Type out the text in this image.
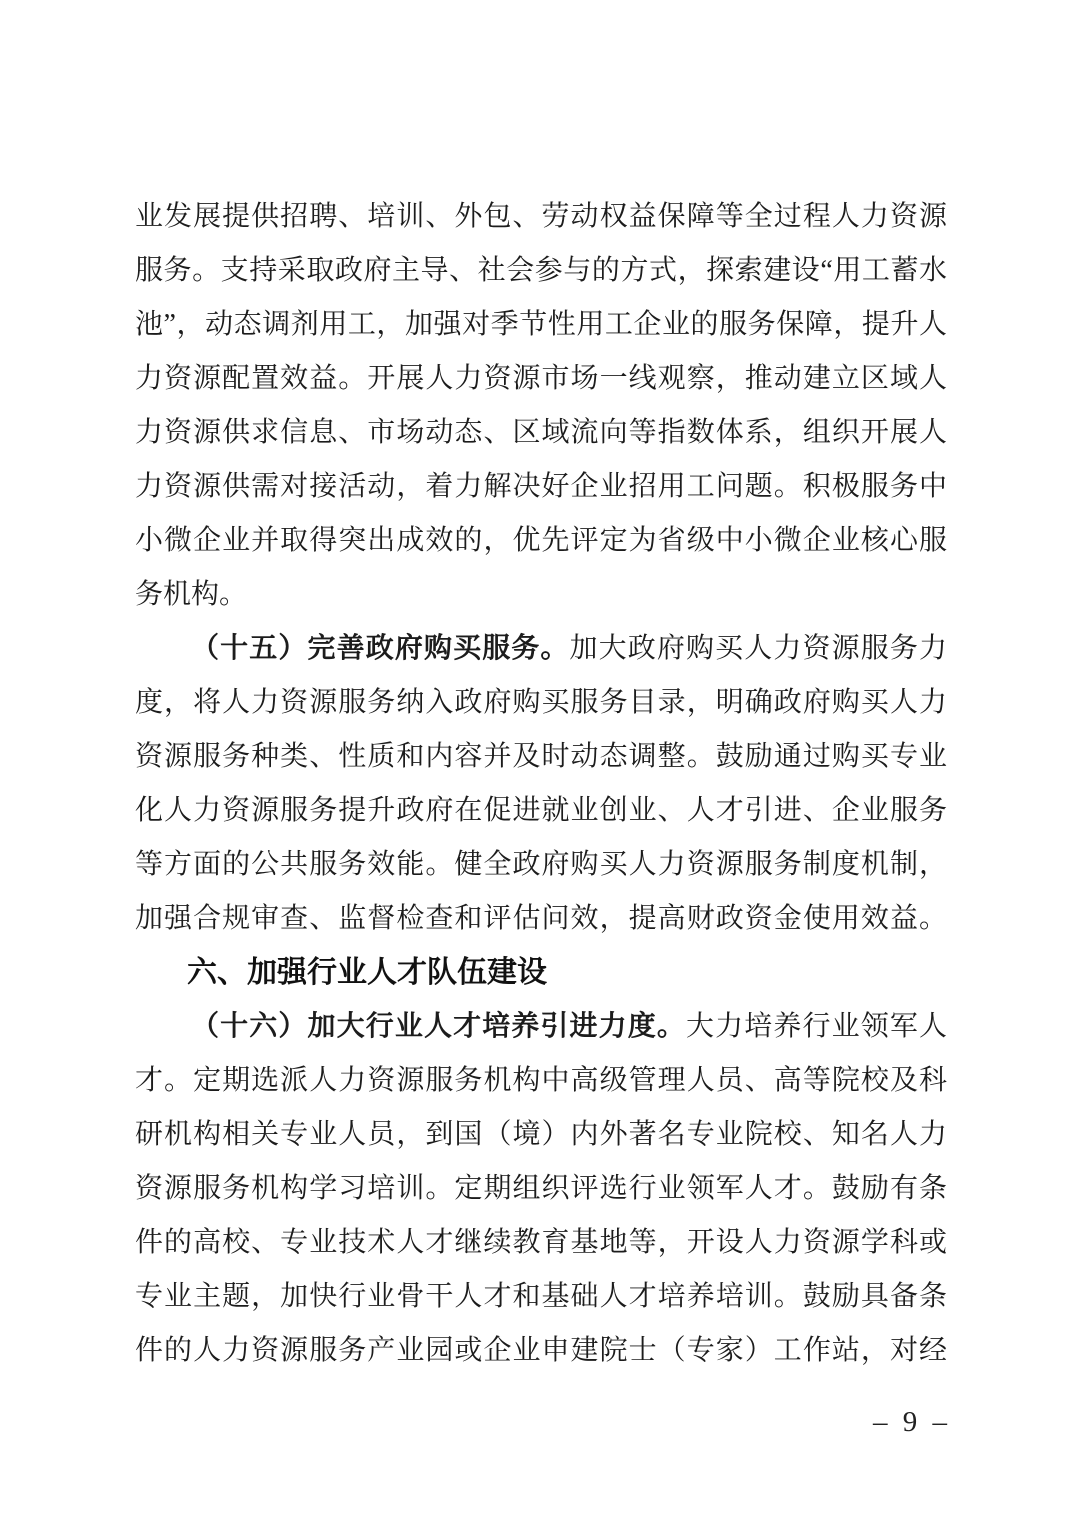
业发展提供招聘、培训、外包、劳动权益保障等全过程人力资源
服务。支持采取政府主导、社会参与的方式，探索建设“用工蓄水
池”，动态调剂用工，加强对季节性用工企业的服务保障，提升人
力资源配置效益。开展人力资源市场一线观察，推动建立区域人
力资源供求信息、市场动态、区域流向等指数体系，组织开展人
力资源供需对接活动，着力解决好企业招用工问题。积极服务中
小微企业并取得突出成效的，优先评定为省级中小微企业核心服
务机构。
（十五）完善政府购买服务。加大政府购买人力资源服务力
度，将人力资源服务纳入政府购买服务目录，明确政府购买人力
资源服务种类、性质和内容并及时动态调整。鼓励通过购买专业
化人力资源服务提升政府在促进就业创业、人才引进、企业服务
等方面的公共服务效能。健全政府购买人力资源服务制度机制，
加强合规审查、监督检查和评估问效，提高财政资金使用效益。
六、加强行业人才队伍建设
（十六）加大行业人才培养引进力度。大力培养行业领军人
才。定期选派人力资源服务机构中高级管理人员、高等院校及科
研机构相关专业人员，到国（境）内外著名专业院校、知名人力
资源服务机构学习培训。定期组织评选行业领军人才。鼓励有条
件的高校、专业技术人才继续教育基地等，开设人力资源学科或
专业主题，加快行业骨干人才和基础人才培养培训。鼓励具备条
件的人力资源服务产业园或企业申建院士（专家）工作站，对经
– 9 –
